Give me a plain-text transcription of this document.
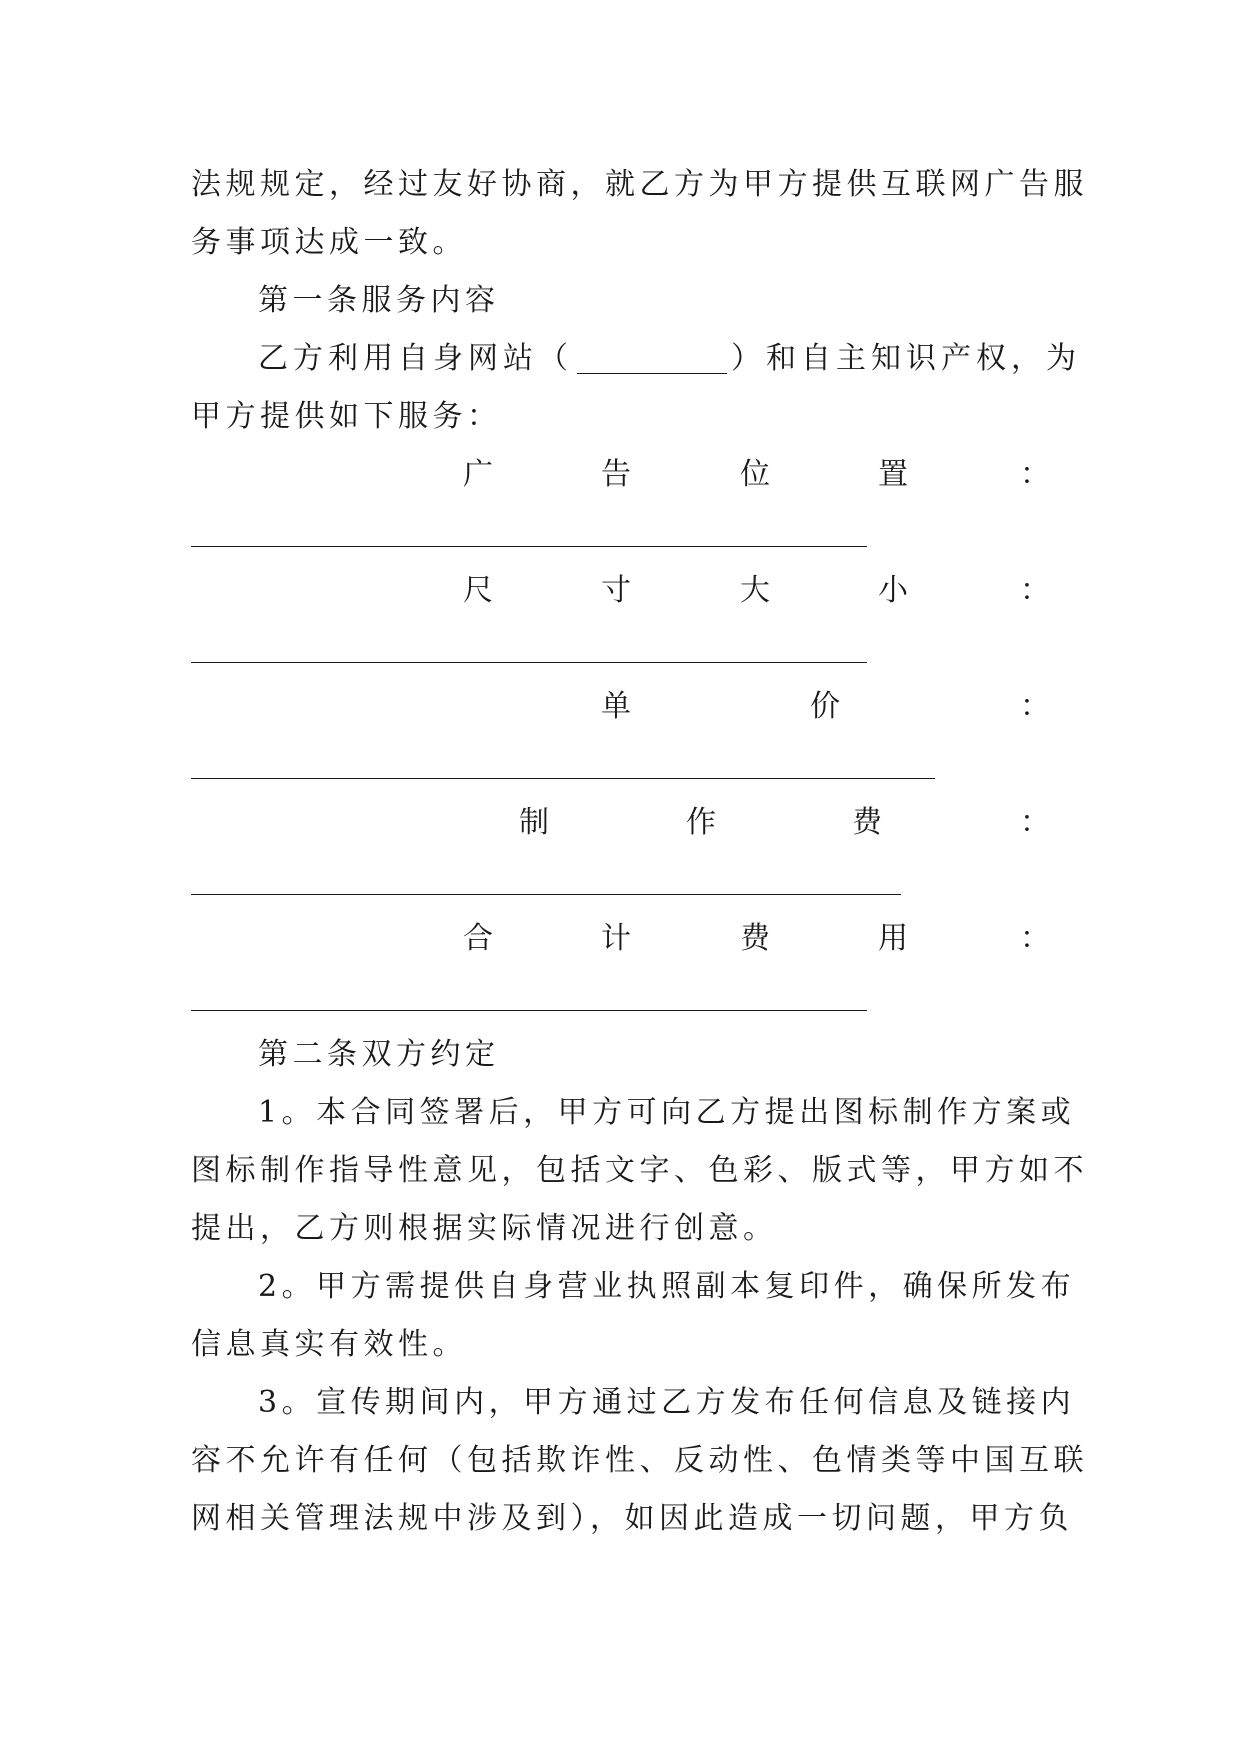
法规规定，经过友好协商，就乙方为甲方提供互联网广告服
务事项达成一致。
第一条服务内容
乙方利用自身网站（	）和自主知识产权，为
甲方提供如下服务：
广	告	位	置	：
尺	寸	大	小	：
单	价	：
制	作	费	：
合	计	费	用	：
第二条双方约定
1。本合同签署后，甲方可向乙方提出图标制作方案或
图标制作指导性意见，包括文字、色彩、版式等，甲方如不
提出，乙方则根据实际情况进行创意。
2。甲方需提供自身营业执照副本复印件，确保所发布
信息真实有效性。
3。宣传期间内，甲方通过乙方发布任何信息及链接内
容不允许有任何（包括欺诈性、反动性、色情类等中国互联
网相关管理法规中涉及到），如因此造成一切问题，甲方负
